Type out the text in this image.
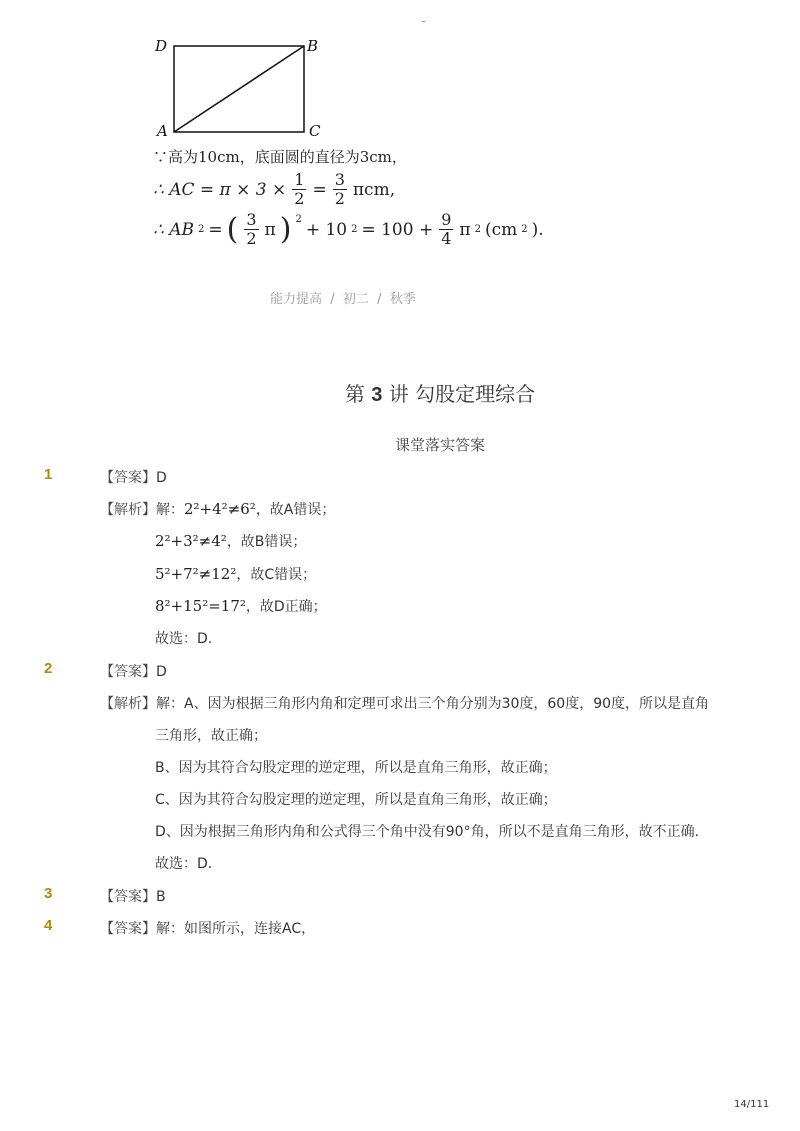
-
D	B
A	C
∵高为10cm，底面圆的直径为3cm，
∴ AC = $\pi \times 3 \times \frac{1}{2} = \frac{3}{2} \pi cm$,
∴ AB 2 = ( $\frac{3}{2}$ π ) $^2$
+ 10 $2 = 100 + \frac{9}{4}$ π 2 (cm 2 ).
能力提高  /  初二  /  秋季
第 3 讲 勾股定理综合
课堂落实答案
1	【答案】D
【解析】解：2²+4²≠6²，故A错误；
2²+3²≠4²，故B错误；
5²+7²≠12²，故C错误；
8²+15²=17²，故D正确；
故选：D.
2	【答案】D
【解析】解：A、因为根据三角形内角和定理可求出三个角分别为30度，60度，90度，所以是直角
三角形，故正确；
B、因为其符合勾股定理的逆定理，所以是直角三角形，故正确；
C、因为其符合勾股定理的逆定理，所以是直角三角形，故正确；
D、因为根据三角形内角和公式得三个角中没有90°角，所以不是直角三角形，故不正确．
故选：D．
3	【答案】B
4	【答案】解：如图所示，连接AC，
14/111
